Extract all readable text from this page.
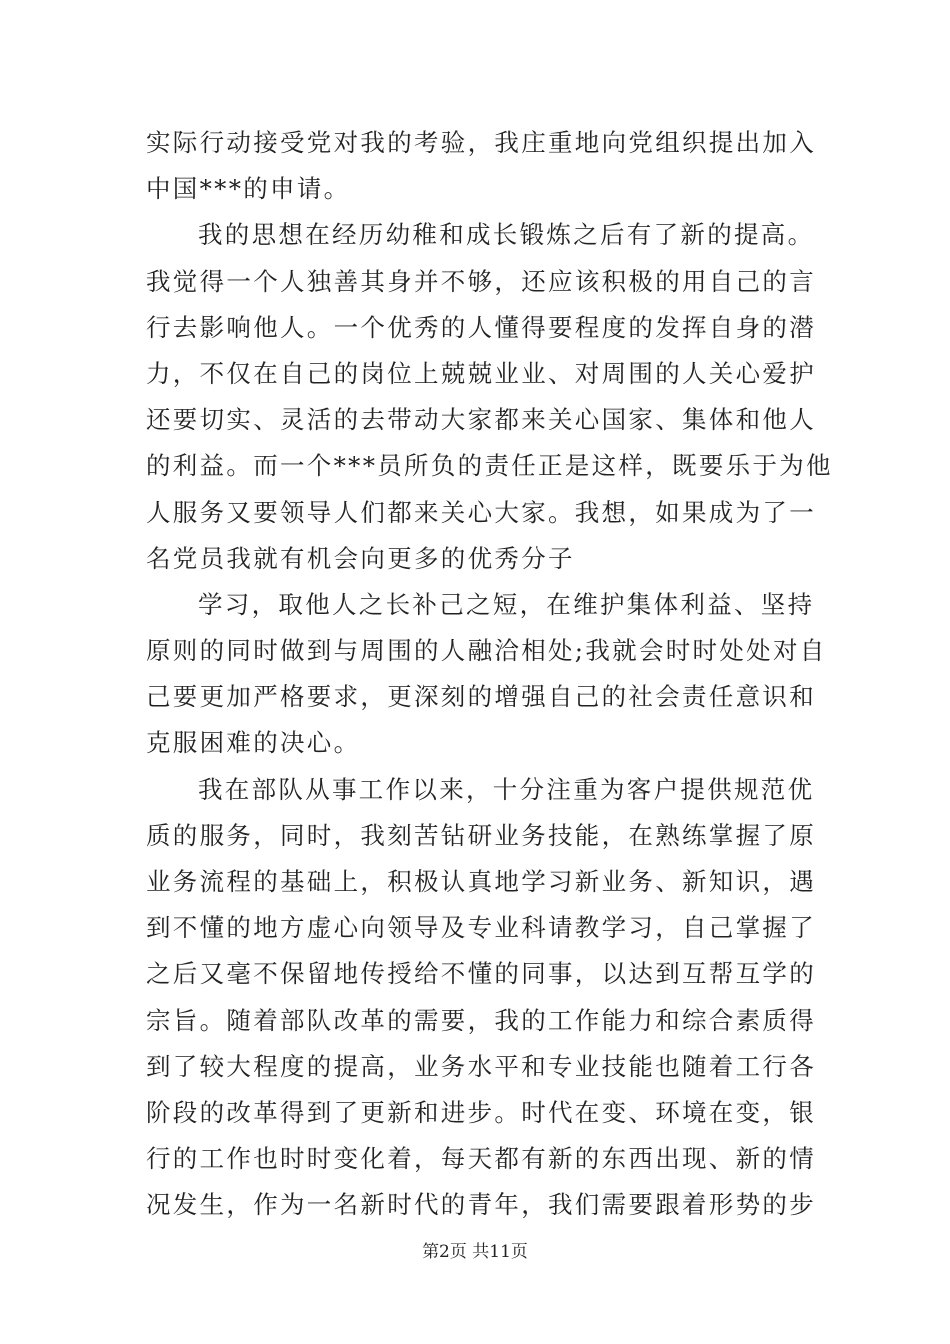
实际行动接受党对我的考验，我庄重地向党组织提出加入
中国***的申请。
我的思想在经历幼稚和成长锻炼之后有了新的提高。
我觉得一个人独善其身并不够，还应该积极的用自己的言
行去影响他人。一个优秀的人懂得要程度的发挥自身的潜
力，不仅在自己的岗位上兢兢业业、对周围的人关心爱护
还要切实、灵活的去带动大家都来关心国家、集体和他人
的利益。而一个***员所负的责任正是这样，既要乐于为他
人服务又要领导人们都来关心大家。我想，如果成为了一
名党员我就有机会向更多的优秀分子
学习，取他人之长补己之短，在维护集体利益、坚持
原则的同时做到与周围的人融洽相处;我就会时时处处对自
己要更加严格要求，更深刻的增强自己的社会责任意识和
克服困难的决心。
我在部队从事工作以来，十分注重为客户提供规范优
质的服务，同时，我刻苦钻研业务技能，在熟练掌握了原
业务流程的基础上，积极认真地学习新业务、新知识，遇
到不懂的地方虚心向领导及专业科请教学习，自己掌握了
之后又毫不保留地传授给不懂的同事，以达到互帮互学的
宗旨。随着部队改革的需要，我的工作能力和综合素质得
到了较大程度的提高，业务水平和专业技能也随着工行各
阶段的改革得到了更新和进步。时代在变、环境在变，银
行的工作也时时变化着，每天都有新的东西出现、新的情
况发生，作为一名新时代的青年，我们需要跟着形势的步
第2页 共11页
